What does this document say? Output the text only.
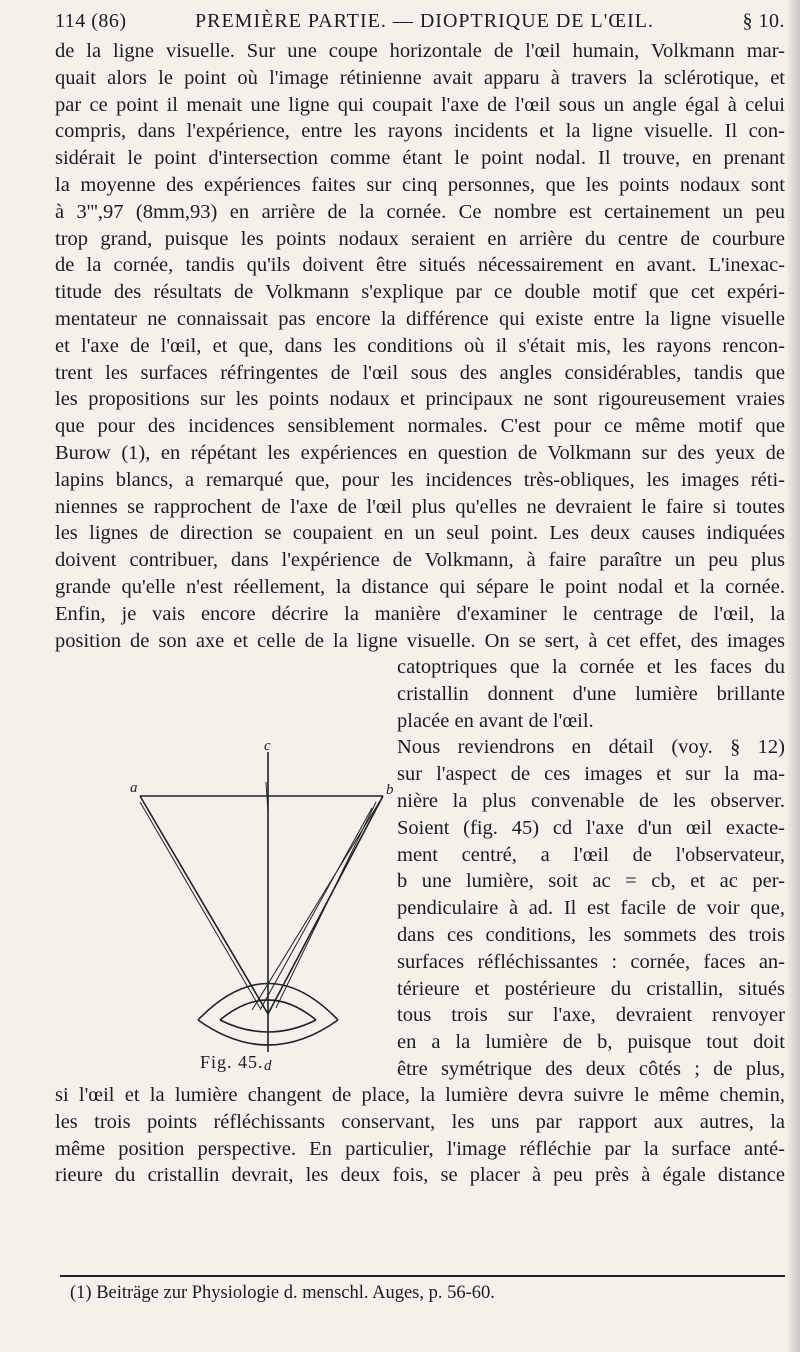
114 (86)	PREMIÈRE PARTIE. — DIOPTRIQUE DE L'ŒIL.	§ 10.
de la ligne visuelle. Sur une coupe horizontale de l'œil humain, Volkmann mar-
quait alors le point où l'image rétinienne avait apparu à travers la sclérotique, et
par ce point il menait une ligne qui coupait l'axe de l'œil sous un angle égal à celui
compris, dans l'expérience, entre les rayons incidents et la ligne visuelle. Il con-
sidérait le point d'intersection comme étant le point nodal. Il trouve, en prenant
la moyenne des expériences faites sur cinq personnes, que les points nodaux sont
à 3''',97 (8mm,93) en arrière de la cornée. Ce nombre est certainement un peu
trop grand, puisque les points nodaux seraient en arrière du centre de courbure
de la cornée, tandis qu'ils doivent être situés nécessairement en avant. L'inexac-
titude des résultats de Volkmann s'explique par ce double motif que cet expéri-
mentateur ne connaissait pas encore la différence qui existe entre la ligne visuelle
et l'axe de l'œil, et que, dans les conditions où il s'était mis, les rayons rencon-
trent les surfaces réfringentes de l'œil sous des angles considérables, tandis que
les propositions sur les points nodaux et principaux ne sont rigoureusement vraies
que pour des incidences sensiblement normales. C'est pour ce même motif que
Burow (1), en répétant les expériences en question de Volkmann sur des yeux de
lapins blancs, a remarqué que, pour les incidences très-obliques, les images réti-
niennes se rapprochent de l'axe de l'œil plus qu'elles ne devraient le faire si toutes
les lignes de direction se coupaient en un seul point. Les deux causes indiquées
doivent contribuer, dans l'expérience de Volkmann, à faire paraître un peu plus
grande qu'elle n'est réellement, la distance qui sépare le point nodal et la cornée.
Enfin, je vais encore décrire la manière d'examiner le centrage de l'œil, la
position de son axe et celle de la ligne visuelle. On se sert, à cet effet, des images
catoptriques que la cornée et les faces du
cristallin donnent d'une lumière brillante
placée en avant de l'œil.
Nous reviendrons en détail (voy. § 12)
sur l'aspect de ces images et sur la ma-
nière la plus convenable de les observer.
Soient (fig. 45) cd l'axe d'un œil exacte-
ment centré, a l'œil de l'observateur,
b une lumière, soit ac = cb, et ac per-
pendiculaire à ad. Il est facile de voir que,
dans ces conditions, les sommets des trois
surfaces réfléchissantes : cornée, faces an-
térieure et postérieure du cristallin, situés
tous trois sur l'axe, devraient renvoyer
en a la lumière de b, puisque tout doit
être symétrique des deux côtés ; de plus,
si l'œil et la lumière changent de place, la lumière devra suivre le même chemin,
les trois points réfléchissants conservant, les uns par rapport aux autres, la
même position perspective. En particulier, l'image réfléchie par la surface anté-
rieure du cristallin devrait, les deux fois, se placer à peu près à égale distance
a
c
b
d
Fig. 45.
(1) Beiträge zur Physiologie d. menschl. Auges, p. 56-60.
